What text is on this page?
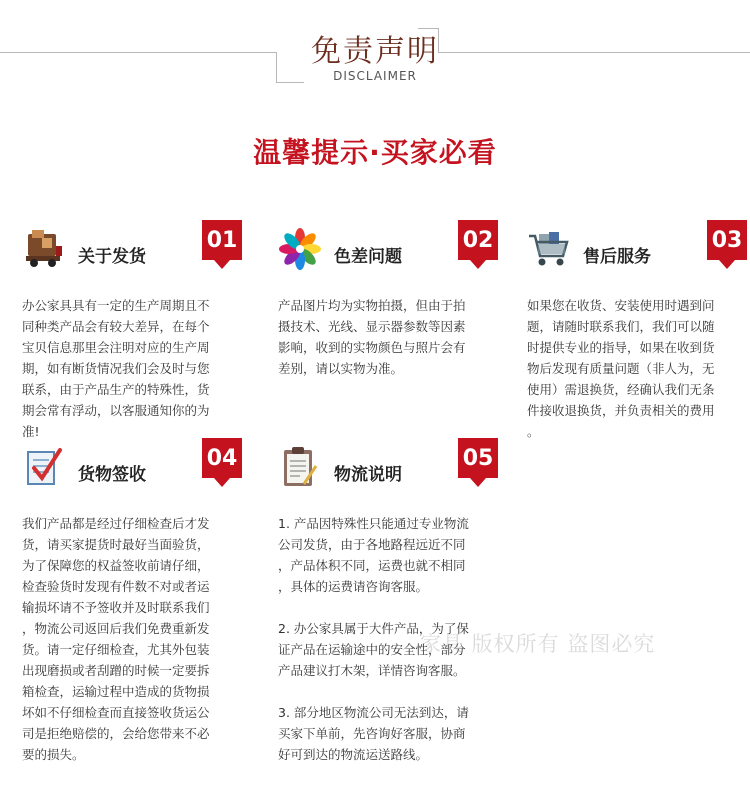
免责声明
DISCLAIMER
温馨提示·买家必看
关于发货
01

办公家具具有一定的生产周期且不
同种类产品会有较大差异，在每个
宝贝信息那里会注明对应的生产周
期，如有断货情况我们会及时与您
联系，由于产品生产的特殊性，货
期会常有浮动，以客服通知你的为
准!

色差问题
02

产品图片均为实物拍摄，但由于拍
摄技术、光线、显示器参数等因素
影响，收到的实物颜色与照片会有
差别，请以实物为准。

售后服务
03

如果您在收货、安装使用时遇到问
题，请随时联系我们，我们可以随
时提供专业的指导，如果在收到货
物后发现有质量问题（非人为，无
使用）需退换货，经确认我们无条
件接收退换货，并负责相关的费用
。

货物签收
04

我们产品都是经过仔细检查后才发
货，请买家提货时最好当面验货，
为了保障您的权益签收前请仔细，
检查验货时发现有件数不对或者运
输损坏请不予签收并及时联系我们
，物流公司返回后我们免费重新发
货。请一定仔细检查，尤其外包装
出现磨损或者刮蹭的时候一定要拆
箱检查，运输过程中造成的货物损
坏如不仔细检查而直接签收货运公
司是拒绝赔偿的，会给您带来不必
要的损失。

物流说明
05

1. 产品因特殊性只能通过专业物流
公司发货，由于各地路程远近不同
，产品体积不同，运费也就不相同
，具体的运费请咨询客服。

2. 办公家具属于大件产品，为了保
证产品在运输途中的安全性，部分
产品建议打木架，详情咨询客服。

3. 部分地区物流公司无法到达，请
买家下单前，先咨询好客服，协商
好可到达的物流运送路线。

家具 版权所有 盗图必究
